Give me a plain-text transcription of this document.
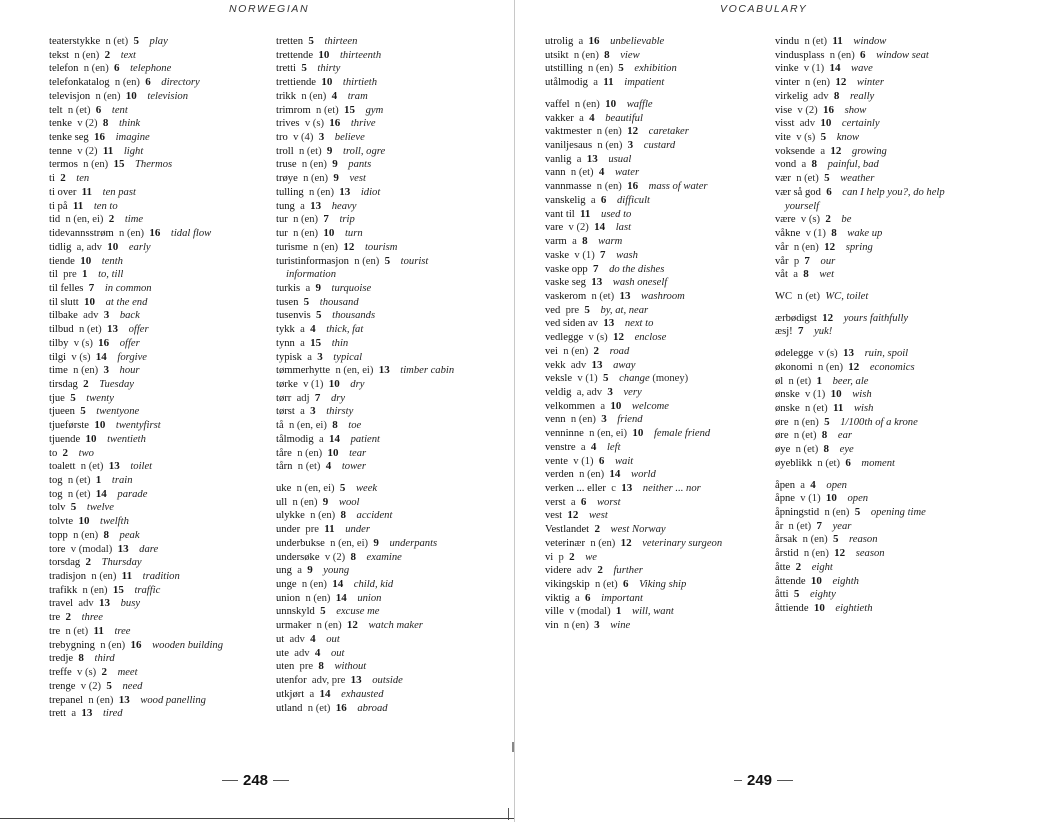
NORWEGIAN	VOCABULARY
teaterstykke  n (et)  5  play
tekst  n (en)  2  text
telefon  n (en)  6  telephone
telefonkatalog  n (en)  6  directory
televisjon  n (en)  10  television
telt  n (et)  6  tent
tenke  v (2)  8  think
tenke seg  16  imagine
tenne  v (2)  11  light
termos  n (en)  15  Thermos
ti  2  ten
ti over  11  ten past
ti på  11  ten to
tid  n (en, ei)  2  time
tidevannsstrøm  n (en)  16  tidal flow
tidlig  a, adv  10  early
tiende  10  tenth
til  pre  1  to, till
til felles  7  in common
til slutt  10  at the end
tilbake  adv  3  back
tilbud  n (et)  13  offer
tilby  v (s)  16  offer
tilgi  v (s)  14  forgive
time  n (en)  3  hour
tirsdag  2  Tuesday
tjue  5  twenty
tjueen  5  twentyone
tjueførste  10  twentyfirst
tjuende  10  twentieth
to  2  two
toalett  n (et)  13  toilet
tog  n (et)  1  train
tog  n (et)  14  parade
tolv  5  twelve
tolvte  10  twelfth
topp  n (en)  8  peak
tore  v (modal)  13  dare
torsdag  2  Thursday
tradisjon  n (en)  11  tradition
trafikk  n (en)  15  traffic
travel  adv  13  busy
tre  2  three
tre  n (et)  11  tree
trebygning  n (en)  16  wooden building
tredje  8  third
treffe  v (s)  2  meet
trenge  v (2)  5  need
trepanel  n (en)  13  wood panelling
trett  a  13  tired
tretten  5  thirteen
trettende  10  thirteenth
tretti  5  thirty
trettiende  10  thirtieth
trikk  n (en)  4  tram
trimrom  n (et)  15  gym
trives  v (s)  16  thrive
tro  v (4)  3  believe
troll  n (et)  9  troll, ogre
truse  n (en)  9  pants
trøye  n (en)  9  vest
tulling  n (en)  13  idiot
tung  a  13  heavy
tur  n (en)  7  trip
tur  n (en)  10  turn
turisme  n (en)  12  tourism
turistinformasjon  n (en)  5  tourist
information
turkis  a  9  turquoise
tusen  5  thousand
tusenvis  5  thousands
tykk  a  4  thick, fat
tynn  a  15  thin
typisk  a  3  typical
tømmerhytte  n (en, ei)  13  timber cabin
tørke  v (1)  10  dry
tørr  adj  7  dry
tørst  a  3  thirsty
tå  n (en, ei)  8  toe
tålmodig  a  14  patient
tåre  n (en)  10  tear
tårn  n (et)  4  tower
uke  n (en, ei)  5  week
ull  n (en)  9  wool
ulykke  n (en)  8  accident
under  pre  11  under
underbukse  n (en, ei)  9  underpants
undersøke  v (2)  8  examine
ung  a  9  young
unge  n (en)  14  child, kid
union  n (en)  14  union
unnskyld  5  excuse me
urmaker  n (en)  12  watch maker
ut  adv  4  out
ute  adv  4  out
uten  pre  8  without
utenfor  adv, pre  13  outside
utkjørt  a  14  exhausted
utland  n (et)  16  abroad
utrolig  a  16  unbelievable
utsikt  n (en)  8  view
utstilling  n (en)  5  exhibition
utålmodig  a  11  impatient
vaffel  n (en)  10  waffle
vakker  a  4  beautiful
vaktmester  n (en)  12  caretaker
vaniljesaus  n (en)  3  custard
vanlig  a  13  usual
vann  n (et)  4  water
vannmasse  n (en)  16  mass of water
vanskelig  a  6  difficult
vant til  11  used to
vare  v (2)  14  last
varm  a  8  warm
vaske  v (1)  7  wash
vaske opp  7  do the dishes
vaske seg  13  wash oneself
vaskerom  n (et)  13  washroom
ved  pre  5  by, at, near
ved siden av  13  next to
vedlegge  v (s)  12  enclose
vei  n (en)  2  road
vekk  adv  13  away
veksle  v (1)  5  change (money)
veldig  a, adv  3  very
velkommen  a  10  welcome
venn  n (en)  3  friend
venninne  n (en, ei)  10  female friend
venstre  a  4  left
vente  v (1)  6  wait
verden  n (en)  14  world
verken ... eller  c  13  neither ... nor
verst  a  6  worst
vest  12  west
Vestlandet  2  west Norway
veterinær  n (en)  12  veterinary surgeon
vi  p  2  we
videre  adv  2  further
vikingskip  n (et)  6  Viking ship
viktig  a  6  important
ville  v (modal)  1  will, want
vin  n (en)  3  wine
vindu  n (et)  11  window
vindusplass  n (en)  6  window seat
vinke  v (1)  14  wave
vinter  n (en)  12  winter
virkelig  adv  8  really
vise  v (2)  16  show
visst  adv  10  certainly
vite  v (s)  5  know
voksende  a  12  growing
vond  a  8  painful, bad
vær  n (et)  5  weather
vær så god  6  can I help you?, do help
yourself
være  v (s)  2  be
våkne  v (1)  8  wake up
vår  n (en)  12  spring
vår  p  7  our
våt  a  8  wet
WC  n (et)  WC, toilet
ærbødigst  12  yours faithfully
æsj!  7  yuk!
ødelegge  v (s)  13  ruin, spoil
økonomi  n (en)  12  economics
øl  n (et)  1  beer, ale
ønske  v (1)  10  wish
ønske  n (et)  11  wish
øre  n (en)  5  1/100th of a krone
øre  n (et)  8  ear
øye  n (et)  8  eye
øyeblikk  n (et)  6  moment
åpen  a  4  open
åpne  v (1)  10  open
åpningstid  n (en)  5  opening time
år  n (et)  7  year
årsak  n (en)  5  reason
årstid  n (en)  12  season
åtte  2  eight
åttende  10  eighth
åtti  5  eighty
åttiende  10  eightieth
248	249
